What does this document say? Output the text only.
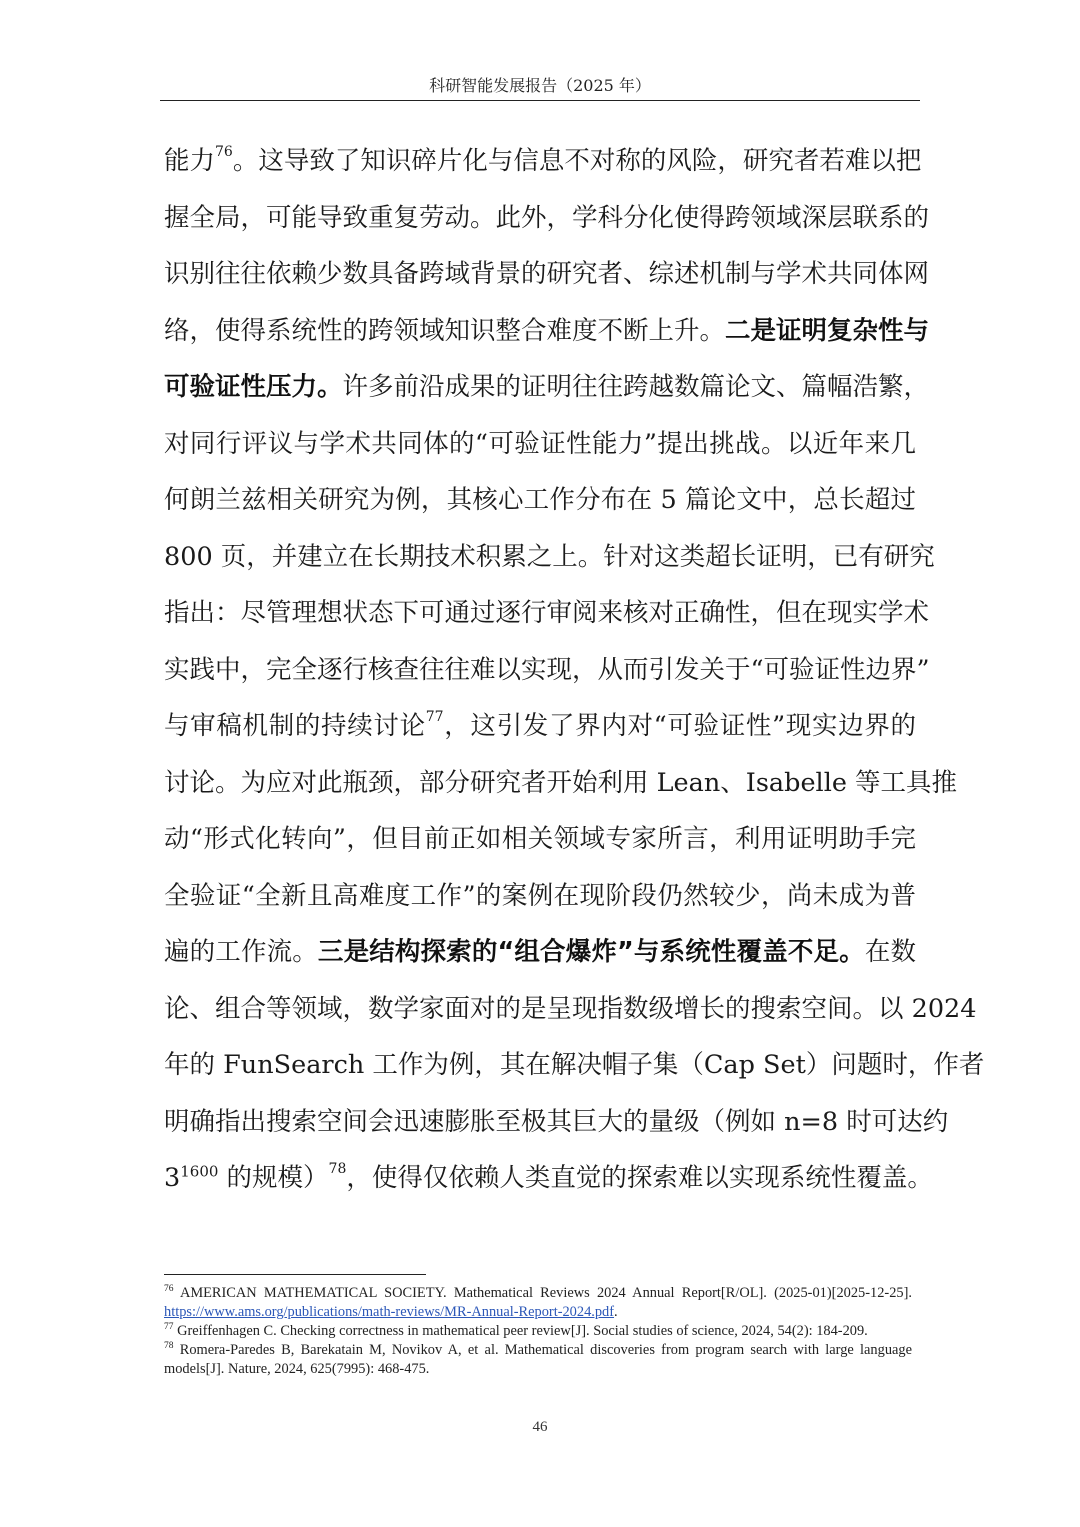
科研智能发展报告（2025 年）
能力$^{76}$。这导致了知识碎片化与信息不对称的风险，研究者若难以把
握全局，可能导致重复劳动。此外，学科分化使得跨领域深层联系的
识别往往依赖少数具备跨域背景的研究者、综述机制与学术共同体网
络，使得系统性的跨领域知识整合难度不断上升。二是证明复杂性与
可验证性压力。许多前沿成果的证明往往跨越数篇论文、篇幅浩繁，
对同行评议与学术共同体的“可验证性能力”提出挑战。以近年来几
何朗兰兹相关研究为例，其核心工作分布在 5 篇论文中，总长超过
800 页，并建立在长期技术积累之上。针对这类超长证明，已有研究
指出：尽管理想状态下可通过逐行审阅来核对正确性，但在现实学术
实践中，完全逐行核查往往难以实现，从而引发关于“可验证性边界”
与审稿机制的持续讨论$^{77}$，这引发了界内对“可验证性”现实边界的
讨论。为应对此瓶颈，部分研究者开始利用 Lean、Isabelle 等工具推
动“形式化转向”，但目前正如相关领域专家所言，利用证明助手完
全验证“全新且高难度工作”的案例在现阶段仍然较少，尚未成为普
遍的工作流。三是结构探索的“组合爆炸”与系统性覆盖不足。在数
论、组合等领域，数学家面对的是呈现指数级增长的搜索空间。以 2024
年的 FunSearch 工作为例，其在解决帽子集（Cap Set）问题时，作者
明确指出搜索空间会迅速膨胀至极其巨大的量级（例如 n=8 时可达约
3$^{1600}$ 的规模）$^{78}$，使得仅依赖人类直觉的探索难以实现系统性覆盖。
$^{76}$ AMERICAN MATHEMATICAL SOCIETY. Mathematical Reviews 2024 Annual Report[R/OL]. (2025-01)[2025-12-25]. https://www.ams.org/publications/math-reviews/MR-Annual-Report-2024.pdf.
$^{77}$ Greiffenhagen C. Checking correctness in mathematical peer review[J]. Social studies of science, 2024, 54(2): 184-209.
$^{78}$ Romera-Paredes B, Barekatain M, Novikov A, et al. Mathematical discoveries from program search with large language models[J]. Nature, 2024, 625(7995): 468-475.
46
